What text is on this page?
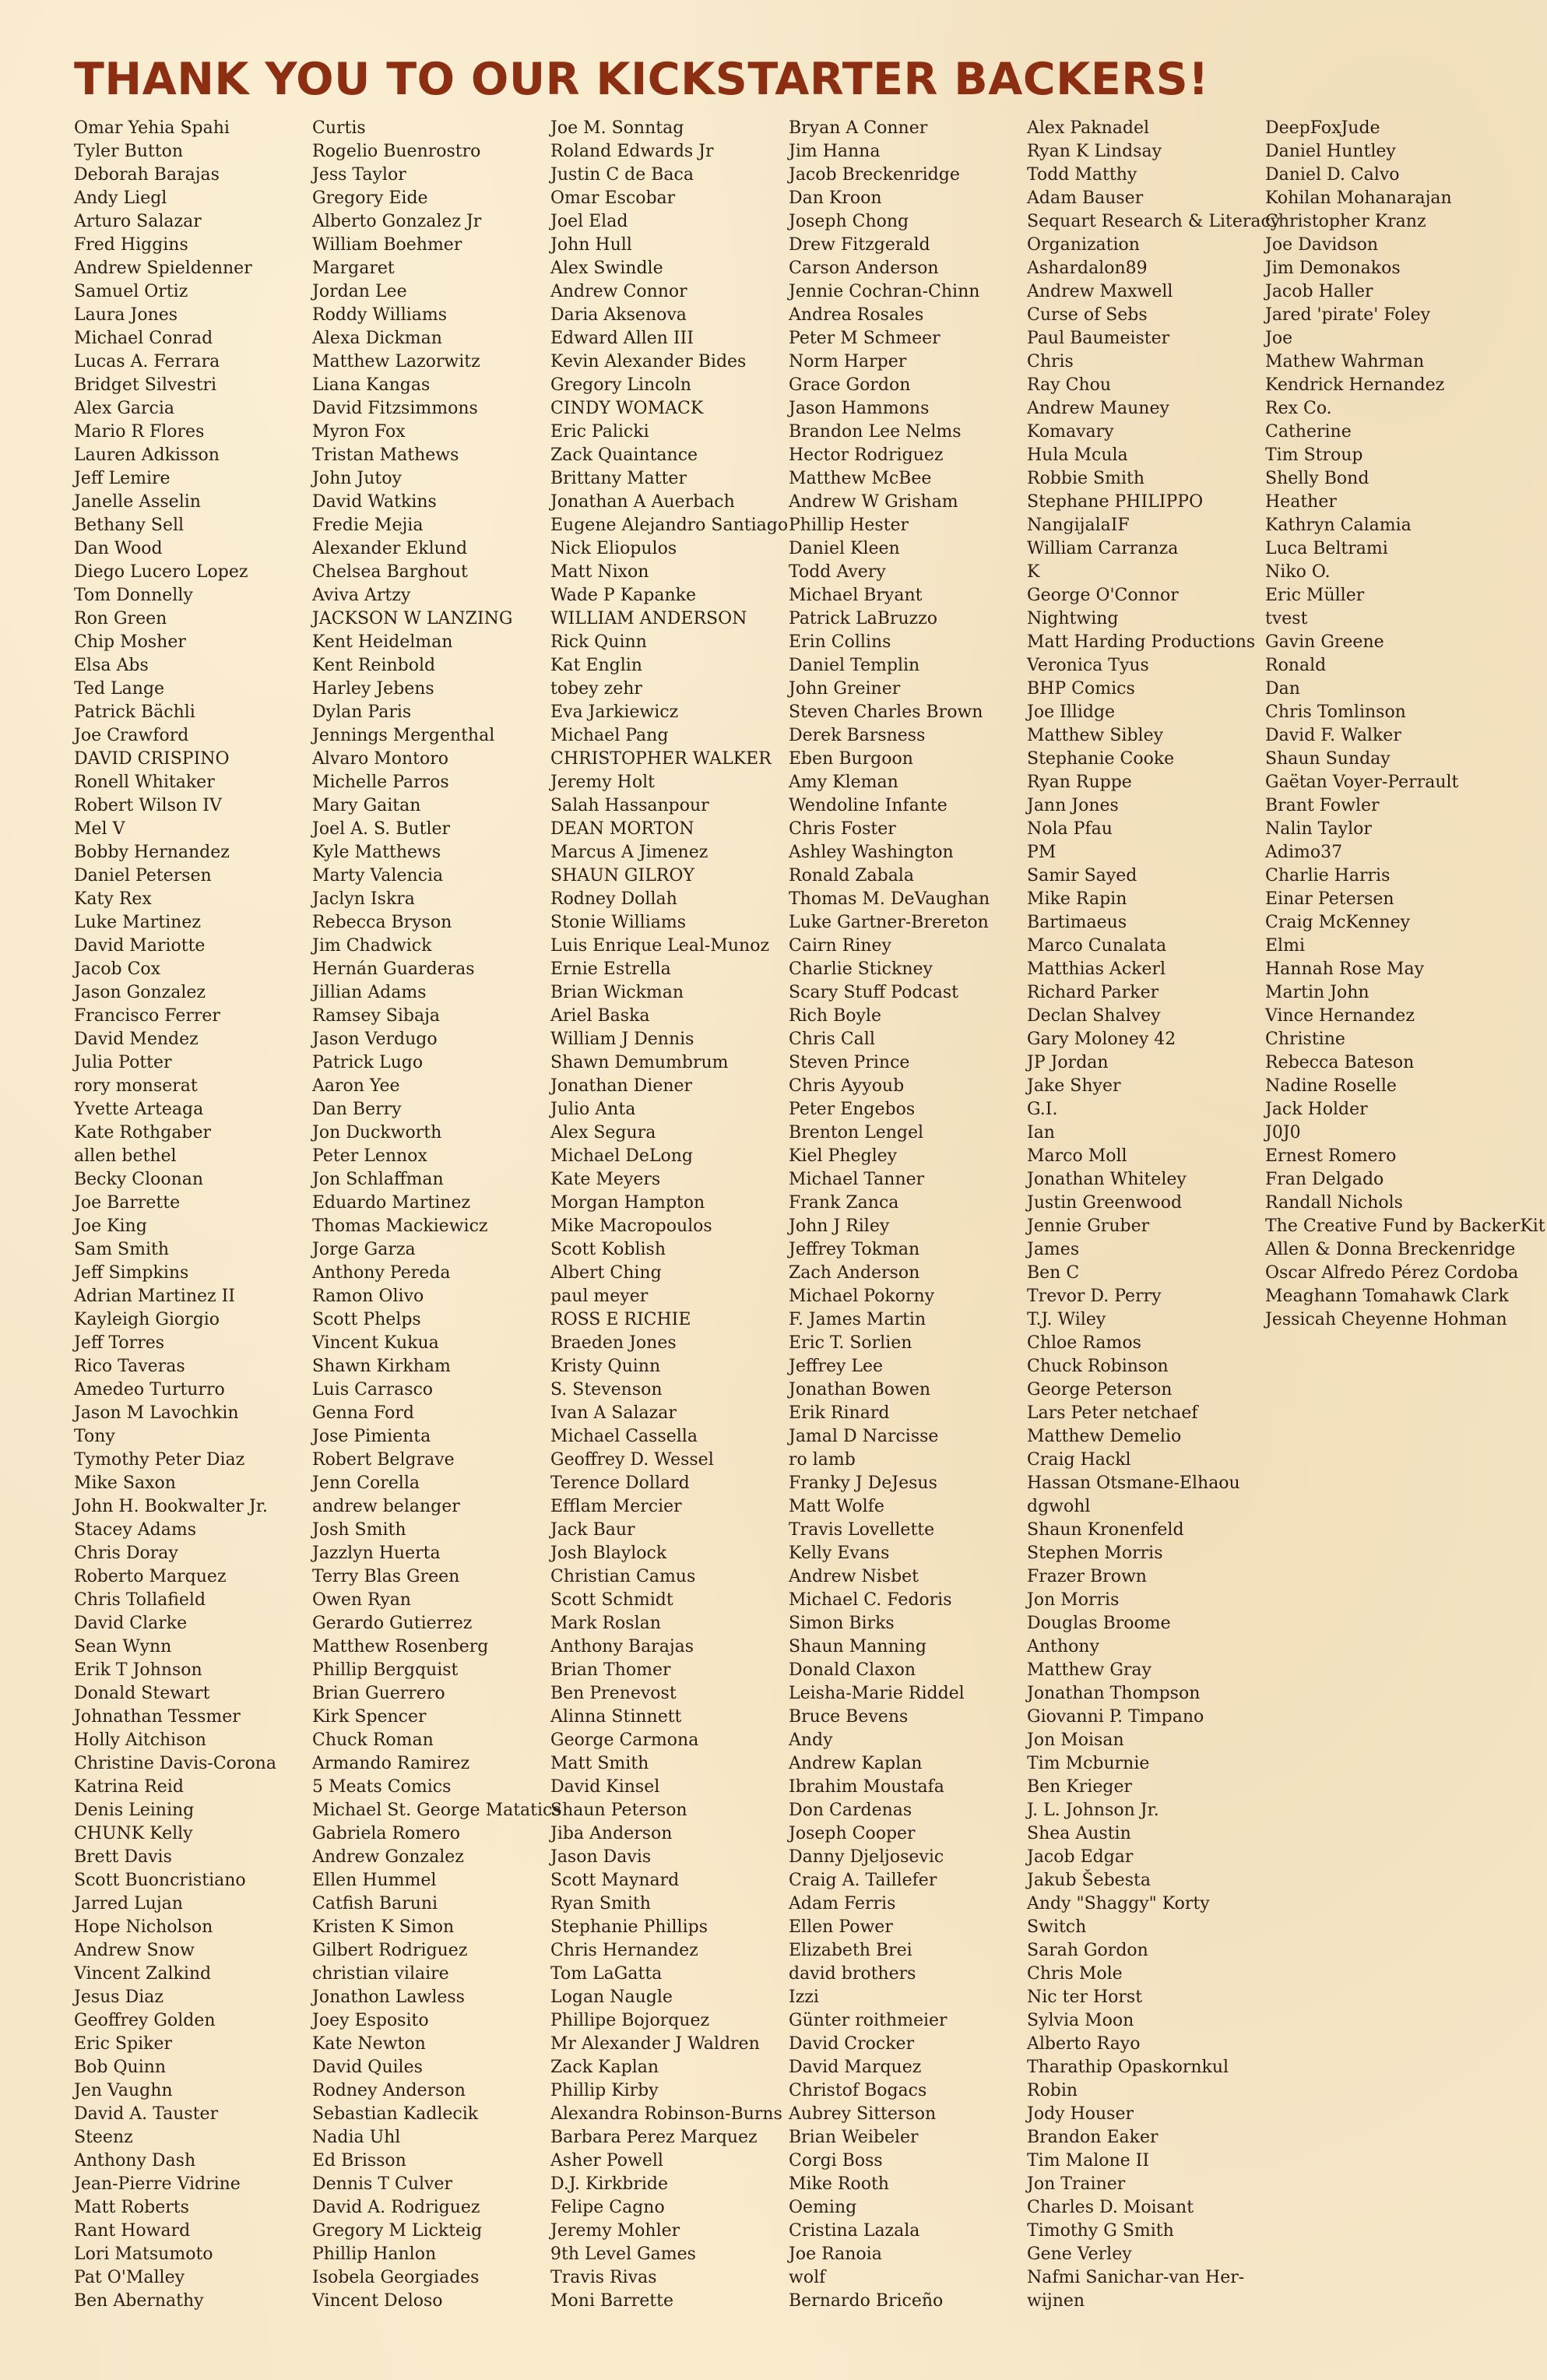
THANK YOU TO OUR KICKSTARTER BACKERS!
Omar Yehia Spahi
Tyler Button
Deborah Barajas
Andy Liegl
Arturo Salazar
Fred Higgins
Andrew Spieldenner
Samuel Ortiz
Laura Jones
Michael Conrad
Lucas A. Ferrara
Bridget Silvestri
Alex Garcia
Mario R Flores
Lauren Adkisson
Jeff Lemire
Janelle Asselin
Bethany Sell
Dan Wood
Diego Lucero Lopez
Tom Donnelly
Ron Green
Chip Mosher
Elsa Abs
Ted Lange
Patrick Bächli
Joe Crawford
DAVID CRISPINO
Ronell Whitaker
Robert Wilson IV
Mel V
Bobby Hernandez
Daniel Petersen
Katy Rex
Luke Martinez
David Mariotte
Jacob Cox
Jason Gonzalez
Francisco Ferrer
David Mendez
Julia Potter
rory monserat
Yvette Arteaga
Kate Rothgaber
allen bethel
Becky Cloonan
Joe Barrette
Joe King
Sam Smith
Jeff Simpkins
Adrian Martinez II
Kayleigh Giorgio
Jeff Torres
Rico Taveras
Amedeo Turturro
Jason M Lavochkin
Tony
Tymothy Peter Diaz
Mike Saxon
John H. Bookwalter Jr.
Stacey Adams
Chris Doray
Roberto Marquez
Chris Tollafield
David Clarke
Sean Wynn
Erik T Johnson
Donald Stewart
Johnathan Tessmer
Holly Aitchison
Christine Davis-Corona
Katrina Reid
Denis Leining
CHUNK Kelly
Brett Davis
Scott Buoncristiano
Jarred Lujan
Hope Nicholson
Andrew Snow
Vincent Zalkind
Jesus Diaz
Geoffrey Golden
Eric Spiker
Bob Quinn
Jen Vaughn
David A. Tauster
Steenz
Anthony Dash
Jean-Pierre Vidrine
Matt Roberts
Rant Howard
Lori Matsumoto
Pat O'Malley
Ben Abernathy
Curtis
Rogelio Buenrostro
Jess Taylor
Gregory Eide
Alberto Gonzalez Jr
William Boehmer
Margaret
Jordan Lee
Roddy Williams
Alexa Dickman
Matthew Lazorwitz
Liana Kangas
David Fitzsimmons
Myron Fox
Tristan Mathews
John Jutoy
David Watkins
Fredie Mejia
Alexander Eklund
Chelsea Barghout
Aviva Artzy
JACKSON W LANZING
Kent Heidelman
Kent Reinbold
Harley Jebens
Dylan Paris
Jennings Mergenthal
Alvaro Montoro
Michelle Parros
Mary Gaitan
Joel A. S. Butler
Kyle Matthews
Marty Valencia
Jaclyn Iskra
Rebecca Bryson
Jim Chadwick
Hernán Guarderas
Jillian Adams
Ramsey Sibaja
Jason Verdugo
Patrick Lugo
Aaron Yee
Dan Berry
Jon Duckworth
Peter Lennox
Jon Schlaffman
Eduardo Martinez
Thomas Mackiewicz
Jorge Garza
Anthony Pereda
Ramon Olivo
Scott Phelps
Vincent Kukua
Shawn Kirkham
Luis Carrasco
Genna Ford
Jose Pimienta
Robert Belgrave
Jenn Corella
andrew belanger
Josh Smith
Jazzlyn Huerta
Terry Blas Green
Owen Ryan
Gerardo Gutierrez
Matthew Rosenberg
Phillip Bergquist
Brian Guerrero
Kirk Spencer
Chuck Roman
Armando Ramirez
5 Meats Comics
Michael St. George Matatics
Gabriela Romero
Andrew Gonzalez
Ellen Hummel
Catfish Baruni
Kristen K Simon
Gilbert Rodriguez
christian vilaire
Jonathon Lawless
Joey Esposito
Kate Newton
David Quiles
Rodney Anderson
Sebastian Kadlecik
Nadia Uhl
Ed Brisson
Dennis T Culver
David A. Rodriguez
Gregory M Lickteig
Phillip Hanlon
Isobela Georgiades
Vincent Deloso
Joe M. Sonntag
Roland Edwards Jr
Justin C de Baca
Omar Escobar
Joel Elad
John Hull
Alex Swindle
Andrew Connor
Daria Aksenova
Edward Allen III
Kevin Alexander Bides
Gregory Lincoln
CINDY WOMACK
Eric Palicki
Zack Quaintance
Brittany Matter
Jonathan A Auerbach
Eugene Alejandro Santiago
Nick Eliopulos
Matt Nixon
Wade P Kapanke
WILLIAM ANDERSON
Rick Quinn
Kat Englin
tobey zehr
Eva Jarkiewicz
Michael Pang
CHRISTOPHER WALKER
Jeremy Holt
Salah Hassanpour
DEAN MORTON
Marcus A Jimenez
SHAUN GILROY
Rodney Dollah
Stonie Williams
Luis Enrique Leal-Munoz
Ernie Estrella
Brian Wickman
Ariel Baska
William J Dennis
Shawn Demumbrum
Jonathan Diener
Julio Anta
Alex Segura
Michael DeLong
Kate Meyers
Morgan Hampton
Mike Macropoulos
Scott Koblish
Albert Ching
paul meyer
ROSS E RICHIE
Braeden Jones
Kristy Quinn
S. Stevenson
Ivan A Salazar
Michael Cassella
Geoffrey D. Wessel
Terence Dollard
Efflam Mercier
Jack Baur
Josh Blaylock
Christian Camus
Scott Schmidt
Mark Roslan
Anthony Barajas
Brian Thomer
Ben Prenevost
Alinna Stinnett
George Carmona
Matt Smith
David Kinsel
Shaun Peterson
Jiba Anderson
Jason Davis
Scott Maynard
Ryan Smith
Stephanie Phillips
Chris Hernandez
Tom LaGatta
Logan Naugle
Phillipe Bojorquez
Mr Alexander J Waldren
Zack Kaplan
Phillip Kirby
Alexandra Robinson-Burns
Barbara Perez Marquez
Asher Powell
D.J. Kirkbride
Felipe Cagno
Jeremy Mohler
9th Level Games
Travis Rivas
Moni Barrette
Bryan A Conner
Jim Hanna
Jacob Breckenridge
Dan Kroon
Joseph Chong
Drew Fitzgerald
Carson Anderson
Jennie Cochran-Chinn
Andrea Rosales
Peter M Schmeer
Norm Harper
Grace Gordon
Jason Hammons
Brandon Lee Nelms
Hector Rodriguez
Matthew McBee
Andrew W Grisham
Phillip Hester
Daniel Kleen
Todd Avery
Michael Bryant
Patrick LaBruzzo
Erin Collins
Daniel Templin
John Greiner
Steven Charles Brown
Derek Barsness
Eben Burgoon
Amy Kleman
Wendoline Infante
Chris Foster
Ashley Washington
Ronald Zabala
Thomas M. DeVaughan
Luke Gartner-Brereton
Cairn Riney
Charlie Stickney
Scary Stuff Podcast
Rich Boyle
Chris Call
Steven Prince
Chris Ayyoub
Peter Engebos
Brenton Lengel
Kiel Phegley
Michael Tanner
Frank Zanca
John J Riley
Jeffrey Tokman
Zach Anderson
Michael Pokorny
F. James Martin
Eric T. Sorlien
Jeffrey Lee
Jonathan Bowen
Erik Rinard
Jamal D Narcisse
ro lamb
Franky J DeJesus
Matt Wolfe
Travis Lovellette
Kelly Evans
Andrew Nisbet
Michael C. Fedoris
Simon Birks
Shaun Manning
Donald Claxon
Leisha-Marie Riddel
Bruce Bevens
Andy
Andrew Kaplan
Ibrahim Moustafa
Don Cardenas
Joseph Cooper
Danny Djeljosevic
Craig A. Taillefer
Adam Ferris
Ellen Power
Elizabeth Brei
david brothers
Izzi
Günter roithmeier
David Crocker
David Marquez
Christof Bogacs
Aubrey Sitterson
Brian Weibeler
Corgi Boss
Mike Rooth
Oeming
Cristina Lazala
Joe Ranoia
wolf
Bernardo Briceño
Alex Paknadel
Ryan K Lindsay
Todd Matthy
Adam Bauser
Sequart Research & Literacy
Organization
Ashardalon89
Andrew Maxwell
Curse of Sebs
Paul Baumeister
Chris
Ray Chou
Andrew Mauney
Komavary
Hula Mcula
Robbie Smith
Stephane PHILIPPO
NangijalaIF
William Carranza
K
George O'Connor
Nightwing
Matt Harding Productions
Veronica Tyus
BHP Comics
Joe Illidge
Matthew Sibley
Stephanie Cooke
Ryan Ruppe
Jann Jones
Nola Pfau
PM
Samir Sayed
Mike Rapin
Bartimaeus
Marco Cunalata
Matthias Ackerl
Richard Parker
Declan Shalvey
Gary Moloney 42
JP Jordan
Jake Shyer
G.I.
Ian
Marco Moll
Jonathan Whiteley
Justin Greenwood
Jennie Gruber
James
Ben C
Trevor D. Perry
T.J. Wiley
Chloe Ramos
Chuck Robinson
George Peterson
Lars Peter netchaef
Matthew Demelio
Craig Hackl
Hassan Otsmane-Elhaou
dgwohl
Shaun Kronenfeld
Stephen Morris
Frazer Brown
Jon Morris
Douglas Broome
Anthony
Matthew Gray
Jonathan Thompson
Giovanni P. Timpano
Jon Moisan
Tim Mcburnie
Ben Krieger
J. L. Johnson Jr.
Shea Austin
Jacob Edgar
Jakub Šebesta
Andy "Shaggy" Korty
Switch
Sarah Gordon
Chris Mole
Nic ter Horst
Sylvia Moon
Alberto Rayo
Tharathip Opaskornkul
Robin
Jody Houser
Brandon Eaker
Tim Malone II
Jon Trainer
Charles D. Moisant
Timothy G Smith
Gene Verley
Nafmi Sanichar-van Her-
wijnen
DeepFoxJude
Daniel Huntley
Daniel D. Calvo
Kohilan Mohanarajan
Christopher Kranz
Joe Davidson
Jim Demonakos
Jacob Haller
Jared 'pirate' Foley
Joe
Mathew Wahrman
Kendrick Hernandez
Rex Co.
Catherine
Tim Stroup
Shelly Bond
Heather
Kathryn Calamia
Luca Beltrami
Niko O.
Eric Müller
tvest
Gavin Greene
Ronald
Dan
Chris Tomlinson
David F. Walker
Shaun Sunday
Gaëtan Voyer-Perrault
Brant Fowler
Nalin Taylor
Adimo37
Charlie Harris
Einar Petersen
Craig McKenney
Elmi
Hannah Rose May
Martin John
Vince Hernandez
Christine
Rebecca Bateson
Nadine Roselle
Jack Holder
J0J0
Ernest Romero
Fran Delgado
Randall Nichols
The Creative Fund by BackerKit
Allen & Donna Breckenridge
Oscar Alfredo Pérez Cordoba
Meaghann Tomahawk Clark
Jessicah Cheyenne Hohman
